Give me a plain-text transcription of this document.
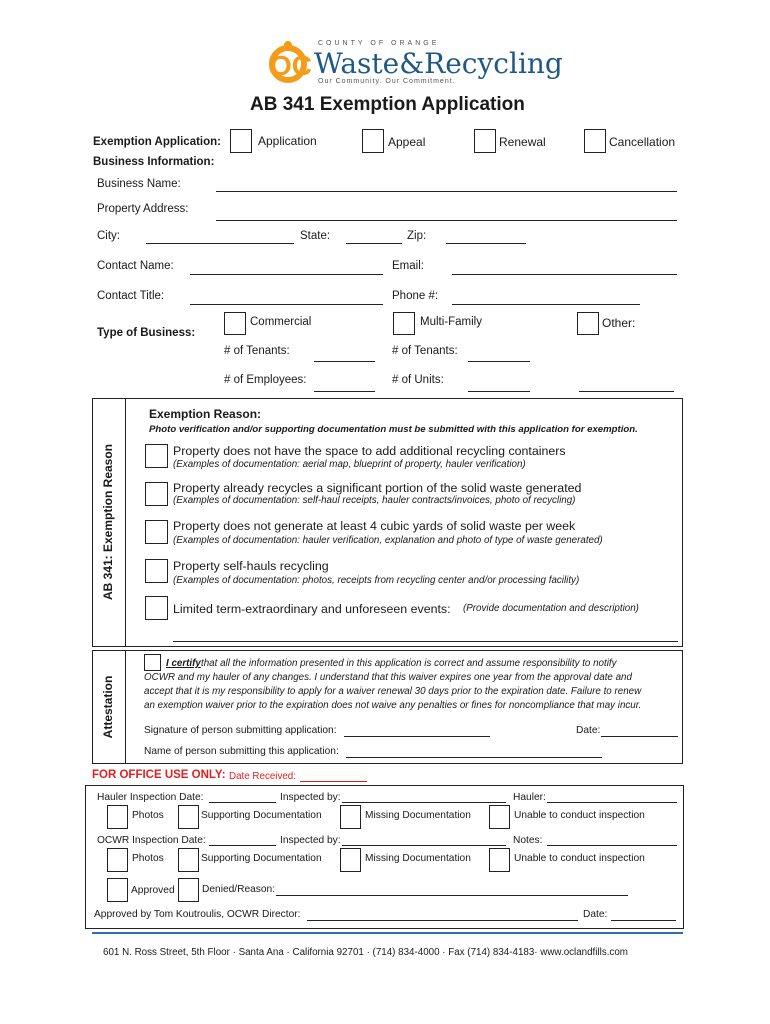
COUNTY OF ORANGE
OC Waste&Recycling
Our Community. Our Commitment.
AB 341 Exemption Application
Exemption Application:	Application	Appeal	Renewal	Cancellation
Business Information:
Business Name:
Property Address:
City:	State:	Zip:
Contact Name:	Email:
Contact Title:	Phone #:
Type of Business:
Commercial	Multi-Family	Other:
# of Tenants:	# of Tenants:
# of Employees:	# of Units:
AB 341: Exemption Reason
Exemption Reason:
Photo verification and/or supporting documentation must be submitted with this application for exemption.
Property does not have the space to add additional recycling containers
(Examples of documentation: aerial map, blueprint of property, hauler verification)
Property already recycles a significant portion of the solid waste generated
(Examples of documentation: self-haul receipts, hauler contracts/invoices, photo of recycling)
Property does not generate at least 4 cubic yards of solid waste per week
(Examples of documentation: hauler verification, explanation and photo of type of waste generated)
Property self-hauls recycling
(Examples of documentation: photos, receipts from recycling center and/or processing facility)
Limited term-extraordinary and unforeseen events: (Provide documentation and description)
Attestation
I certify that all the information presented in this application is correct and assume responsibility to notify
OCWR and my hauler of any changes. I understand that this waiver expires one year from the approval date and
accept that it is my responsibility to apply for a waiver renewal 30 days prior to the expiration date. Failure to renew
an exemption waiver prior to the expiration does not waive any penalties or fines for noncompliance that may incur.
Signature of person submitting application:	Date:
Name of person submitting this application:
FOR OFFICE USE ONLY: Date Received:
Hauler Inspection Date:	Inspected by:	Hauler:
Photos	Supporting Documentation	Missing Documentation	Unable to conduct inspection
OCWR Inspection Date:	Inspected by:	Notes:
Photos	Supporting Documentation	Missing Documentation	Unable to conduct inspection
Approved	Denied/Reason:
Approved by Tom Koutroulis, OCWR Director:	Date:
601 N. Ross Street, 5th Floor · Santa Ana · California 92701 · (714) 834-4000 · Fax (714) 834-4183· www.oclandfills.com
